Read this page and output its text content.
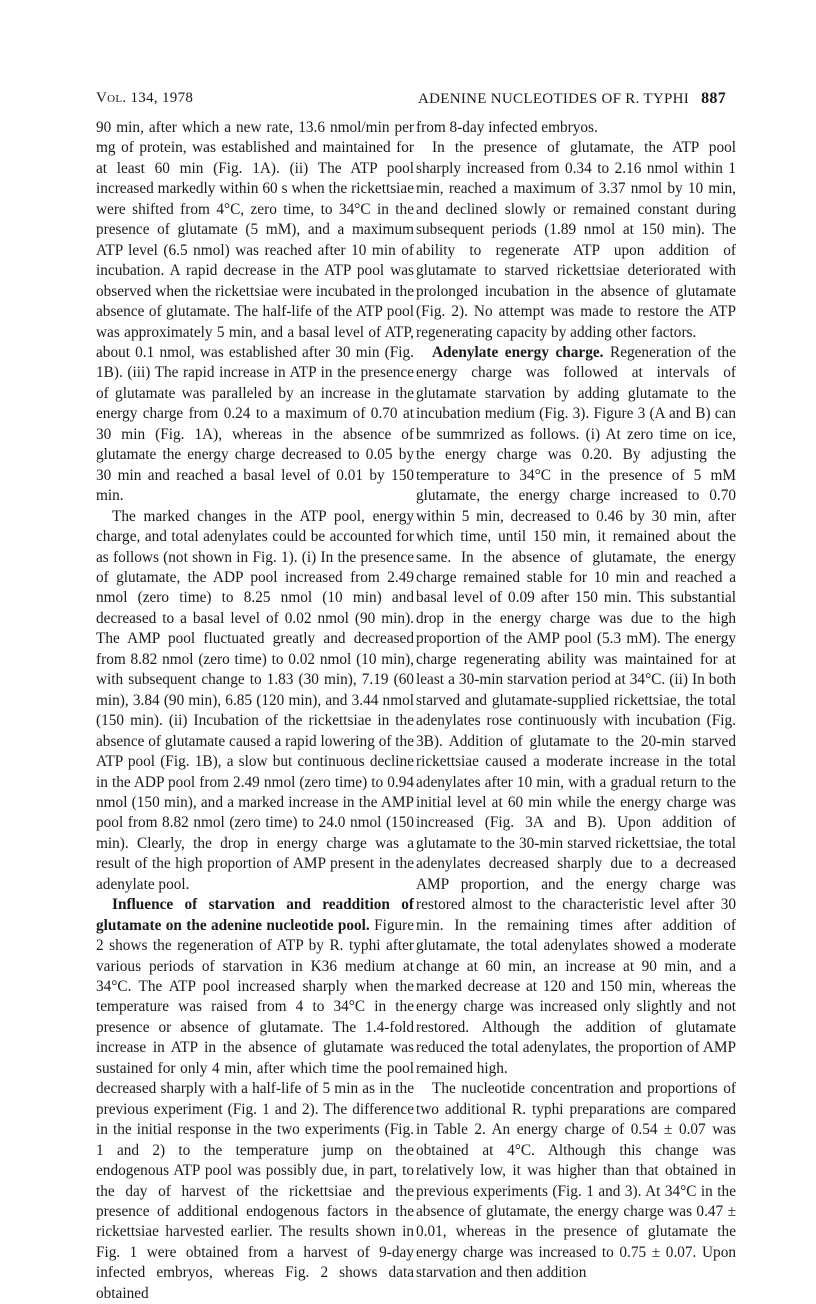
Vol. 134, 1978	ADENINE NUCLEOTIDES OF R. TYPHI 887

90 min, after which a new rate, 13.6 nmol/min per mg of protein, was established and maintained for at least 60 min (Fig. 1A). (ii) The ATP pool increased markedly within 60 s when the rickettsiae were shifted from 4°C, zero time, to 34°C in the presence of glutamate (5 mM), and a maximum ATP level (6.5 nmol) was reached after 10 min of incubation. A rapid decrease in the ATP pool was observed when the rickettsiae were incubated in the absence of glutamate. The half-life of the ATP pool was approximately 5 min, and a basal level of ATP, about 0.1 nmol, was established after 30 min (Fig. 1B). (iii) The rapid increase in ATP in the presence of glutamate was paralleled by an increase in the energy charge from 0.24 to a maximum of 0.70 at 30 min (Fig. 1A), whereas in the absence of glutamate the energy charge decreased to 0.05 by 30 min and reached a basal level of 0.01 by 150 min.

The marked changes in the ATP pool, energy charge, and total adenylates could be accounted for as follows (not shown in Fig. 1). (i) In the presence of glutamate, the ADP pool increased from 2.49 nmol (zero time) to 8.25 nmol (10 min) and decreased to a basal level of 0.02 nmol (90 min). The AMP pool fluctuated greatly and decreased from 8.82 nmol (zero time) to 0.02 nmol (10 min), with subsequent change to 1.83 (30 min), 7.19 (60 min), 3.84 (90 min), 6.85 (120 min), and 3.44 nmol (150 min). (ii) Incubation of the rickettsiae in the absence of glutamate caused a rapid lowering of the ATP pool (Fig. 1B), a slow but continuous decline in the ADP pool from 2.49 nmol (zero time) to 0.94 nmol (150 min), and a marked increase in the AMP pool from 8.82 nmol (zero time) to 24.0 nmol (150 min). Clearly, the drop in energy charge was a result of the high proportion of AMP present in the adenylate pool.

Influence of starvation and readdition of glutamate on the adenine nucleotide pool. Figure 2 shows the regeneration of ATP by R. typhi after various periods of starvation in K36 medium at 34°C. The ATP pool increased sharply when the temperature was raised from 4 to 34°C in the presence or absence of glutamate. The 1.4-fold increase in ATP in the absence of glutamate was sustained for only 4 min, after which time the pool decreased sharply with a half-life of 5 min as in the previous experiment (Fig. 1 and 2). The difference in the initial response in the two experiments (Fig. 1 and 2) to the temperature jump on the endogenous ATP pool was possibly due, in part, to the day of harvest of the rickettsiae and the presence of additional endogenous factors in the rickettsiae harvested earlier. The results shown in Fig. 1 were obtained from a harvest of 9-day infected embryos, whereas Fig. 2 shows data obtained

from 8-day infected embryos.

In the presence of glutamate, the ATP pool sharply increased from 0.34 to 2.16 nmol within 1 min, reached a maximum of 3.37 nmol by 10 min, and declined slowly or remained constant during subsequent periods (1.89 nmol at 150 min). The ability to regenerate ATP upon addition of glutamate to starved rickettsiae deteriorated with prolonged incubation in the absence of glutamate (Fig. 2). No attempt was made to restore the ATP regenerating capacity by adding other factors.

Adenylate energy charge. Regeneration of the energy charge was followed at intervals of glutamate starvation by adding glutamate to the incubation medium (Fig. 3). Figure 3 (A and B) can be summrized as follows. (i) At zero time on ice, the energy charge was 0.20. By adjusting the temperature to 34°C in the presence of 5 mM glutamate, the energy charge increased to 0.70 within 5 min, decreased to 0.46 by 30 min, after which time, until 150 min, it remained about the same. In the absence of glutamate, the energy charge remained stable for 10 min and reached a basal level of 0.09 after 150 min. This substantial drop in the energy charge was due to the high proportion of the AMP pool (5.3 mM). The energy charge regenerating ability was maintained for at least a 30-min starvation period at 34°C. (ii) In both starved and glutamate-supplied rickettsiae, the total adenylates rose continuously with incubation (Fig. 3B). Addition of glutamate to the 20-min starved rickettsiae caused a moderate increase in the total adenylates after 10 min, with a gradual return to the initial level at 60 min while the energy charge was increased (Fig. 3A and B). Upon addition of glutamate to the 30-min starved rickettsiae, the total adenylates decreased sharply due to a decreased AMP proportion, and the energy charge was restored almost to the characteristic level after 30 min. In the remaining times after addition of glutamate, the total adenylates showed a moderate change at 60 min, an increase at 90 min, and a marked decrease at 120 and 150 min, whereas the energy charge was increased only slightly and not restored. Although the addition of glutamate reduced the total adenylates, the proportion of AMP remained high.

The nucleotide concentration and proportions of two additional R. typhi preparations are compared in Table 2. An energy charge of 0.54 ± 0.07 was obtained at 4°C. Although this change was relatively low, it was higher than that obtained in previous experiments (Fig. 1 and 3). At 34°C in the absence of glutamate, the energy charge was 0.47 ± 0.01, whereas in the presence of glutamate the energy charge was increased to 0.75 ± 0.07. Upon starvation and then addition
